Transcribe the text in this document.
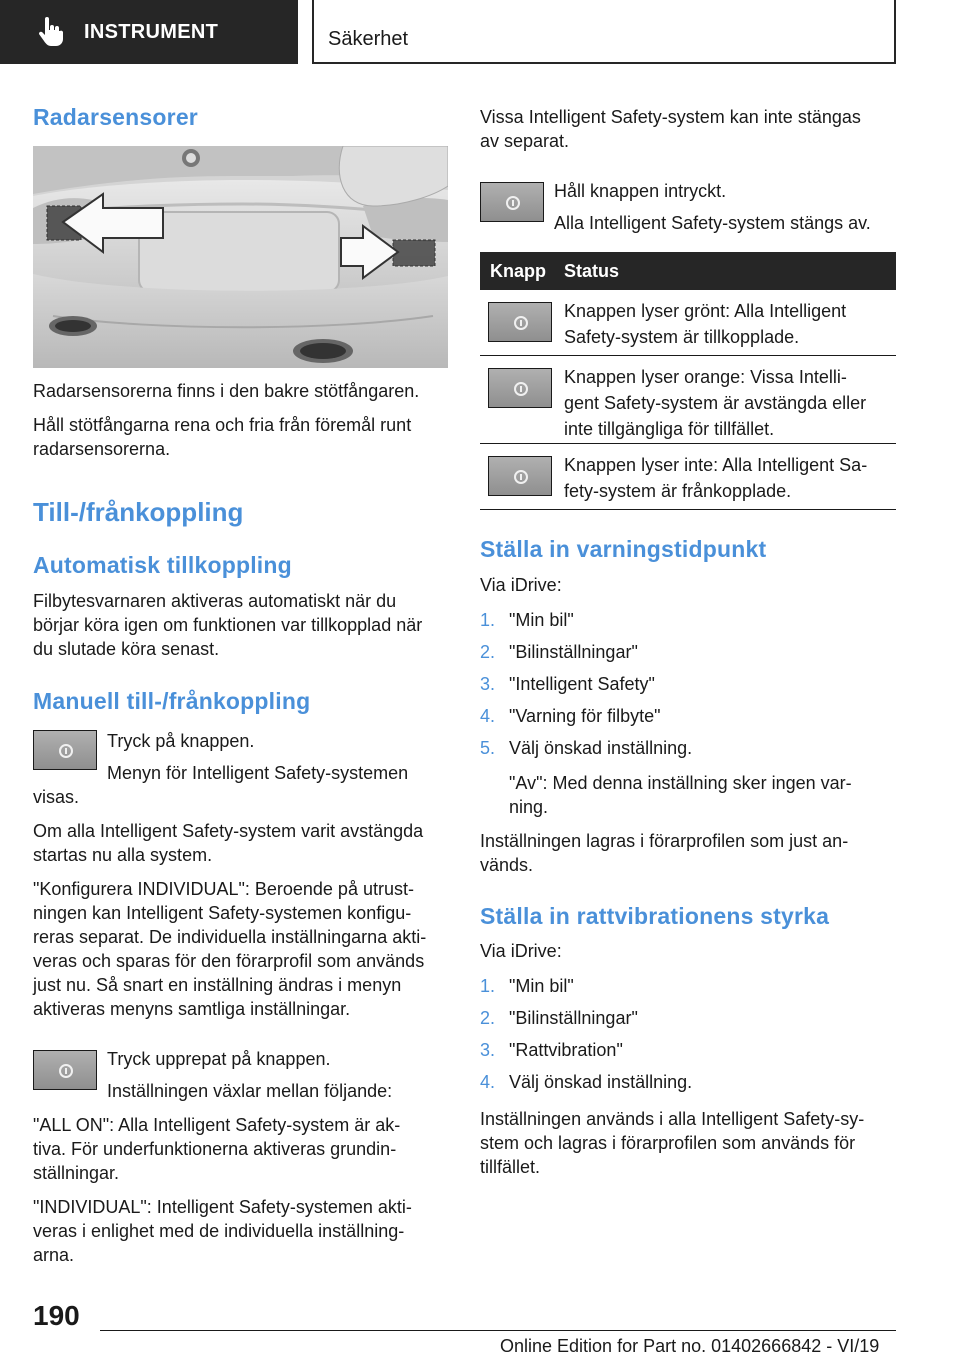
INSTRUMENT	Säkerhet
Radarsensorer
Radarsensorerna finns i den bakre stötfångaren.
Håll stötfångarna rena och fria från föremål runt
radarsensorerna.
Till-/frånkoppling
Automatisk tillkoppling
Filbytesvarnaren aktiveras automatiskt när du
börjar köra igen om funktionen var tillkopplad när
du slutade köra senast.
Manuell till-/frånkoppling
Tryck på knappen.
Menyn för Intelligent Safety-systemen
visas.
Om alla Intelligent Safety-system varit avstängda
startas nu alla system.
"Konfigurera INDIVIDUAL": Beroende på utrust-
ningen kan Intelligent Safety-systemen konfigu-
reras separat. De individuella inställningarna akti-
veras och sparas för den förarprofil som används
just nu. Så snart en inställning ändras i menyn
aktiveras menyns samtliga inställningar.
Tryck upprepat på knappen.
Inställningen växlar mellan följande:
"ALL ON": Alla Intelligent Safety-system är ak-
tiva. För underfunktionerna aktiveras grundin-
ställningar.
"INDIVIDUAL": Intelligent Safety-systemen akti-
veras i enlighet med de individuella inställning-
arna.
Vissa Intelligent Safety-system kan inte stängas
av separat.
Håll knappen intryckt.
Alla Intelligent Safety-system stängs av.
Knapp Status
Knappen lyser grönt: Alla Intelligent
Safety-system är tillkopplade.
Knappen lyser orange: Vissa Intelli-
gent Safety-system är avstängda eller
inte tillgängliga för tillfället.
Knappen lyser inte: Alla Intelligent Sa-
fety-system är frånkopplade.
Ställa in varningstidpunkt
Via iDrive:
1. "Min bil"
2. "Bilinställningar"
3. "Intelligent Safety"
4. "Varning för filbyte"
5. Välj önskad inställning.
"Av": Med denna inställning sker ingen var-
ning.
Inställningen lagras i förarprofilen som just an-
vänds.
Ställa in rattvibrationens styrka
Via iDrive:
1. "Min bil"
2. "Bilinställningar"
3. "Rattvibration"
4. Välj önskad inställning.
Inställningen används i alla Intelligent Safety-sy-
stem och lagras i förarprofilen som används för
tillfället.
190
Online Edition for Part no. 01402666842 - VI/19
